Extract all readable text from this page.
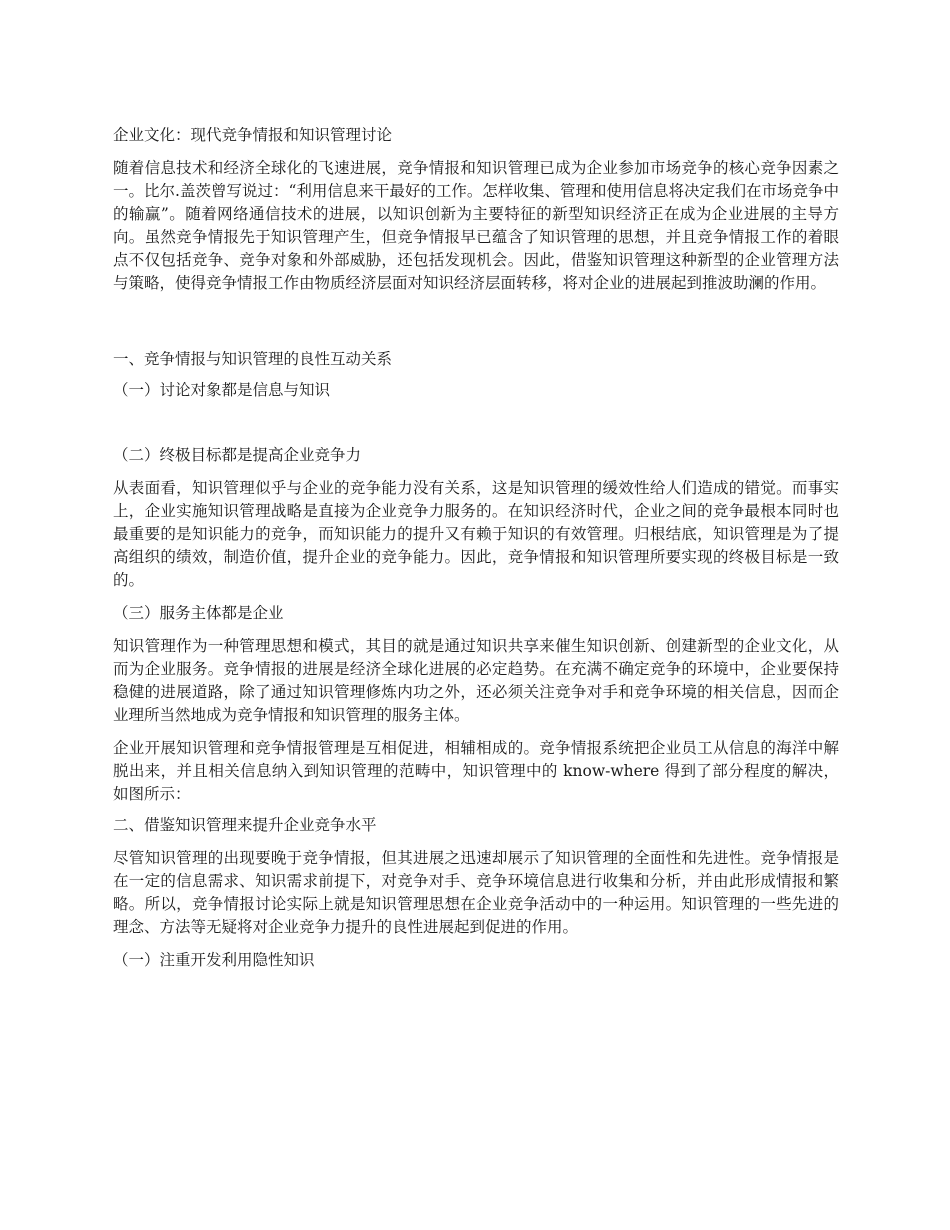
企业文化：现代竞争情报和知识管理讨论

随着信息技术和经济全球化的飞速进展，竞争情报和知识管理已成为企业参加市场竞争的核心竞争因素之一。比尔.盖茨曾写说过：“利用信息来干最好的工作。怎样收集、管理和使用信息将决定我们在市场竞争中的输赢”。随着网络通信技术的进展，以知识创新为主要特征的新型知识经济正在成为企业进展的主导方向。虽然竞争情报先于知识管理产生，但竞争情报早已蕴含了知识管理的思想，并且竞争情报工作的着眼点不仅包括竞争、竞争对象和外部威胁，还包括发现机会。因此，借鉴知识管理这种新型的企业管理方法与策略，使得竞争情报工作由物质经济层面对知识经济层面转移，将对企业的进展起到推波助澜的作用。

一、竞争情报与知识管理的良性互动关系

（一）讨论对象都是信息与知识

（二）终极目标都是提高企业竞争力

从表面看，知识管理似乎与企业的竞争能力没有关系，这是知识管理的缓效性给人们造成的错觉。而事实上，企业实施知识管理战略是直接为企业竞争力服务的。在知识经济时代，企业之间的竞争最根本同时也最重要的是知识能力的竞争，而知识能力的提升又有赖于知识的有效管理。归根结底，知识管理是为了提高组织的绩效，制造价值，提升企业的竞争能力。因此，竞争情报和知识管理所要实现的终极目标是一致的。

（三）服务主体都是企业

知识管理作为一种管理思想和模式，其目的就是通过知识共享来催生知识创新、创建新型的企业文化，从而为企业服务。竞争情报的进展是经济全球化进展的必定趋势。在充满不确定竞争的环境中，企业要保持稳健的进展道路，除了通过知识管理修炼内功之外，还必须关注竞争对手和竞争环境的相关信息，因而企业理所当然地成为竞争情报和知识管理的服务主体。

企业开展知识管理和竞争情报管理是互相促进，相辅相成的。竞争情报系统把企业员工从信息的海洋中解脱出来，并且相关信息纳入到知识管理的范畴中，知识管理中的 know-where 得到了部分程度的解决，如图所示：

二、借鉴知识管理来提升企业竞争水平

尽管知识管理的出现要晚于竞争情报，但其进展之迅速却展示了知识管理的全面性和先进性。竞争情报是在一定的信息需求、知识需求前提下，对竞争对手、竞争环境信息进行收集和分析，并由此形成情报和繁略。所以，竞争情报讨论实际上就是知识管理思想在企业竞争活动中的一种运用。知识管理的一些先进的理念、方法等无疑将对企业竞争力提升的良性进展起到促进的作用。

（一）注重开发利用隐性知识
